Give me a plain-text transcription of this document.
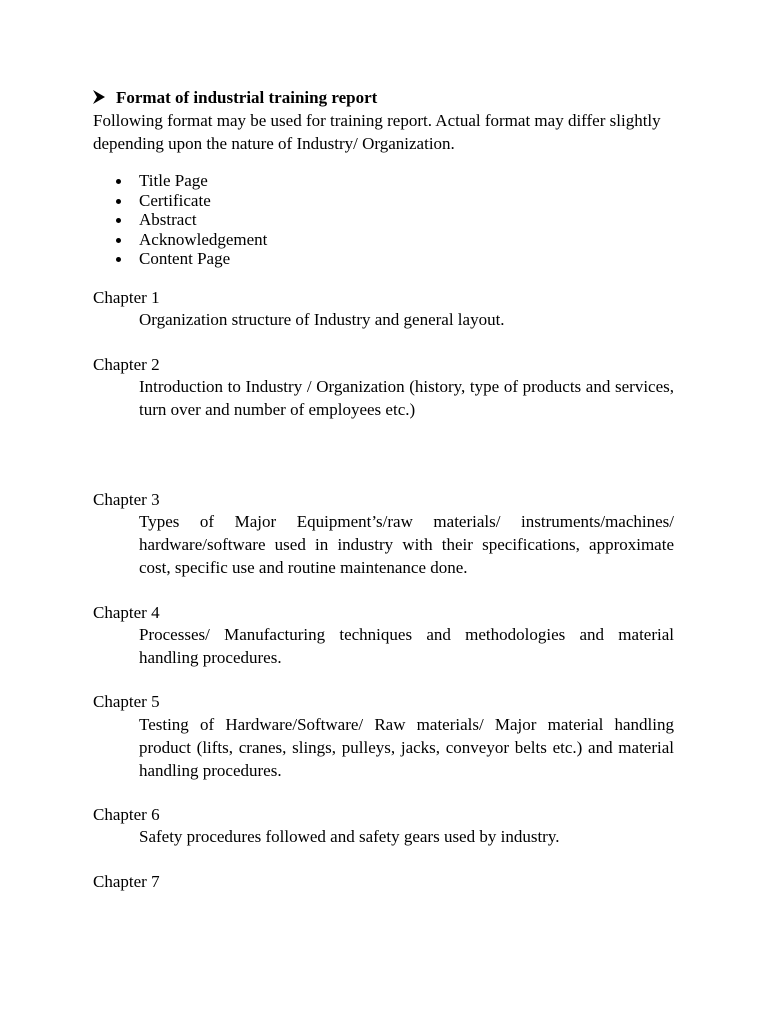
Format of industrial training report

Following format may be used for training report. Actual format may differ slightly depending upon the nature of Industry/ Organization.

Title Page
Certificate
Abstract
Acknowledgement
Content Page

Chapter 1

Organization structure of Industry and general layout.

Chapter 2

Introduction to Industry / Organization (history, type of products and services, turn over and number of employees etc.)

Chapter 3

Types of Major Equipment’s/raw materials/ instruments/machines/ hardware/software used in industry with their specifications, approximate cost, specific use and routine maintenance done.

Chapter 4

Processes/ Manufacturing techniques and methodologies and material handling procedures.

Chapter 5

Testing of Hardware/Software/ Raw materials/ Major material handling product (lifts, cranes, slings, pulleys, jacks, conveyor belts etc.) and material handling procedures.

Chapter 6

Safety procedures followed and safety gears used by industry.

Chapter 7
